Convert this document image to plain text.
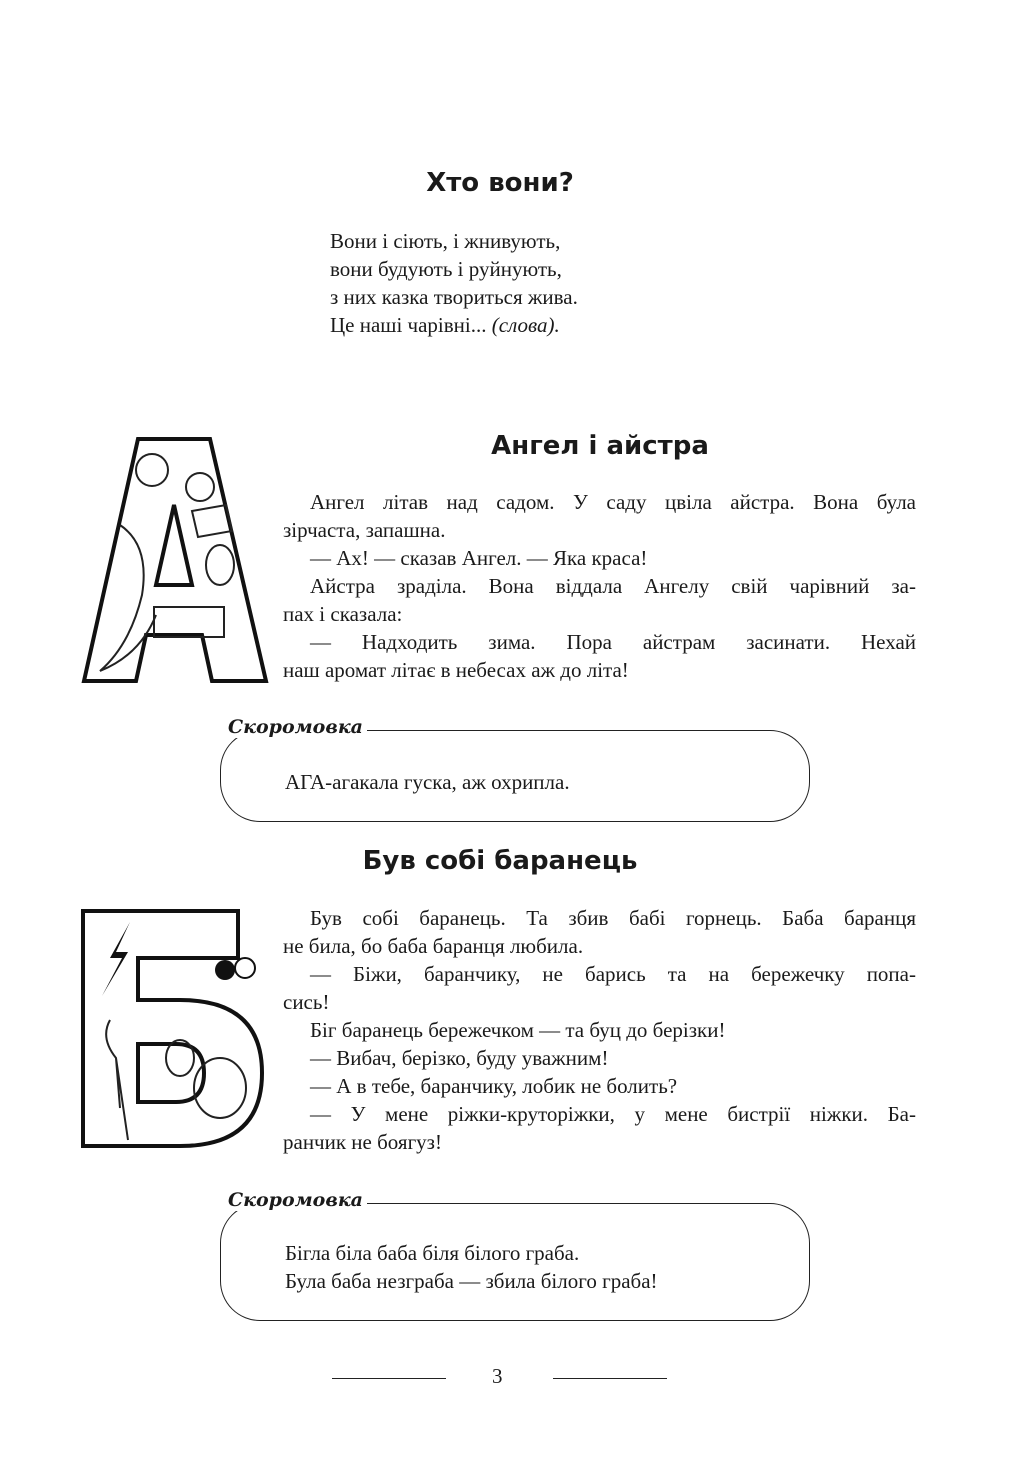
Хто вони?
Вони і сіють, і жнивують,
вони будують і руйнують,
з них казка твориться жива.
Це наші чарівні... (слова).
Ангел і айстра
Ангел літав над садом. У саду цвіла айстра. Вона була
зірчаста, запашна.
— Ах! — сказав Ангел. — Яка краса!
Айстра зраділа. Вона віддала Ангелу свій чарівний за-
пах і сказала:
— Надходить зима. Пора айстрам засинати. Нехай
наш аромат літає в небесах аж до літа!
Скоромовка
АГА-агакала гуска, аж охрипла.
Був собі баранець
Був собі баранець. Та збив бабі горнець. Баба баранця
не била, бо баба баранця любила.
— Біжи, баранчику, не барись та на бережечку попа-
сись!
Біг баранець бережечком — та буц до берізки!
— Вибач, берізко, буду уважним!
— А в тебе, баранчику, лобик не болить?
— У мене ріжки-круторіжки, у мене бистрії ніжки. Ба-
ранчик не боягуз!
Скоромовка
Бігла біла баба біля білого граба.
Була баба незграба — збила білого граба!
3
